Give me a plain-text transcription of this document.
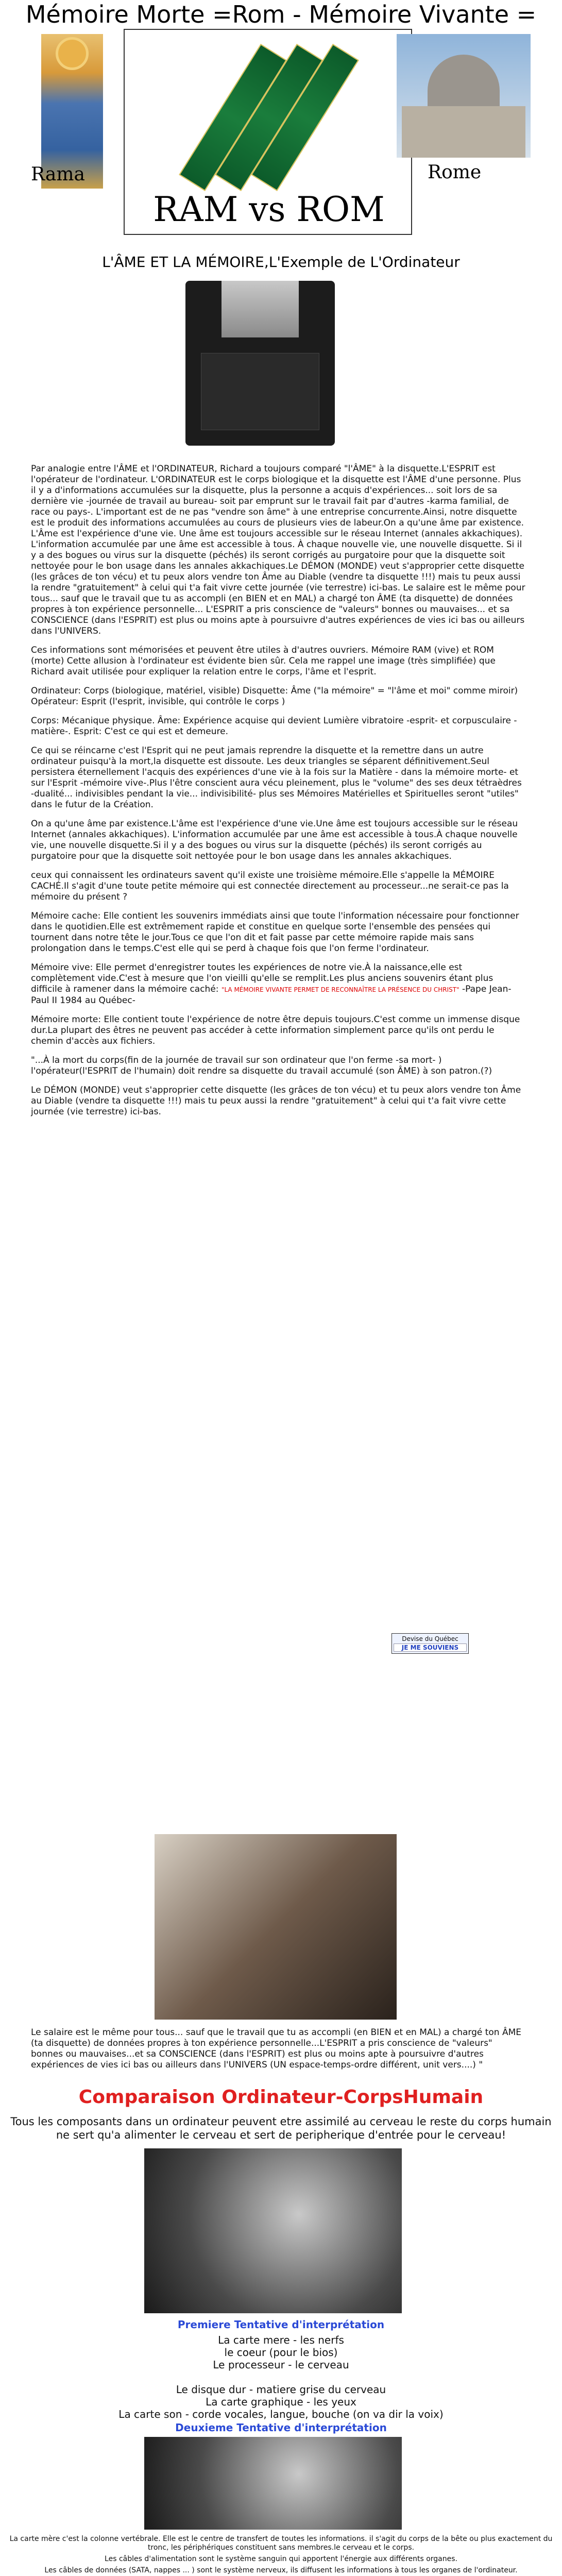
Mémoire Morte =Rom - Mémoire Vivante =
Rama
RAM vs ROM
Rome
L'ÂME ET LA MÉMOIRE,L'Exemple de L'Ordinateur

Par analogie entre l'ÂME et l'ORDINATEUR, Richard a toujours comparé "l'ÂME" à la disquette.L'ESPRIT est l'opérateur de l'ordinateur. L'ORDINATEUR est le corps biologique et la disquette est l'ÂME d'une personne. Plus il y a d'informations accumulées sur la disquette, plus la personne a acquis d'expériences... soit lors de sa dernière vie -journée de travail au bureau- soit par emprunt sur le travail fait par d'autres -karma familial, de race ou pays-. L'important est de ne pas "vendre son âme" à une entreprise concurrente.Ainsi, notre disquette est le produit des informations accumulées au cours de plusieurs vies de labeur.On a qu'une âme par existence. L'Âme est l'expérience d'une vie. Une âme est toujours accessible sur le réseau Internet (annales akkachiques). L'information accumulée par une âme est accessible à tous. À chaque nouvelle vie, une nouvelle disquette. Si il y a des bogues ou virus sur la disquette (péchés) ils seront corrigés au purgatoire pour que la disquette soit nettoyée pour le bon usage dans les annales akkachiques.Le DÉMON (MONDE) veut s'approprier cette disquette (les grâces de ton vécu) et tu peux alors vendre ton Âme au Diable (vendre ta disquette !!!) mais tu peux aussi la rendre "gratuitement" à celui qui t'a fait vivre cette journée (vie terrestre) ici-bas. Le salaire est le même pour tous... sauf que le travail que tu as accompli (en BIEN et en MAL) a chargé ton ÂME (ta disquette) de données propres à ton expérience personnelle... L'ESPRIT a pris conscience de "valeurs" bonnes ou mauvaises... et sa CONSCIENCE (dans l'ESPRIT) est plus ou moins apte à poursuivre d'autres expériences de vies ici bas ou ailleurs dans l'UNIVERS.

Ces informations sont mémorisées et peuvent être utiles à d'autres ouvriers. Mémoire RAM (vive) et ROM (morte) Cette allusion à l'ordinateur est évidente bien sûr. Cela me rappel une image (très simplifiée) que Richard avait utilisée pour expliquer la relation entre le corps, l'âme et l'esprit.

Ordinateur: Corps (biologique, matériel, visible) Disquette: Âme ("la mémoire" = "l'âme et moi" comme miroir) Opérateur: Esprit (l'esprit, invisible, qui contrôle le corps )

Corps: Mécanique physique. Âme: Expérience acquise qui devient Lumière vibratoire -esprit- et corpusculaire -matière-. Esprit: C'est ce qui est et demeure.

Ce qui se réincarne c'est l'Esprit qui ne peut jamais reprendre la disquette et la remettre dans un autre ordinateur puisqu'à la mort,la disquette est dissoute. Les deux triangles se séparent définitivement.Seul persistera éternellement l'acquis des expériences d'une vie à la fois sur la Matière - dans la mémoire morte- et sur l'Esprit -mémoire vive-.Plus l'être conscient aura vécu pleinement, plus le "volume" des ses deux tétraèdres -dualité... indivisibles pendant la vie... indivisibilité- plus ses Mémoires Matérielles et Spirituelles seront "utiles" dans le futur de la Création.

On a qu'une âme par existence.L'âme est l'expérience d'une vie.Une âme est toujours accessible sur le réseau Internet (annales akkachiques). L'information accumulée par une âme est accessible à tous.À chaque nouvelle vie, une nouvelle disquette.Si il y a des bogues ou virus sur la disquette (péchés) ils seront corrigés au purgatoire pour que la disquette soit nettoyée pour le bon usage dans les annales akkachiques.

ceux qui connaissent les ordinateurs savent qu'il existe une troisième mémoire.Elle s'appelle la MÉMOIRE CACHÉ.Il s'agit d'une toute petite mémoire qui est connectée directement au processeur...ne serait-ce pas la mémoire du présent ?

Mémoire cache: Elle contient les souvenirs immédiats ainsi que toute l'information nécessaire pour fonctionner dans le quotidien.Elle est extrêmement rapide et constitue en quelque sorte l'ensemble des pensées qui tournent dans notre tête le jour.Tous ce que l'on dit et fait passe par cette mémoire rapide mais sans prolongation dans le temps.C'est elle qui se perd à chaque fois que l'on ferme l'ordinateur.

Mémoire vive: Elle permet d'enregistrer toutes les expériences de notre vie.À la naissance,elle est complètement vide.C'est à mesure que l'on vieilli qu'elle se remplit.Les plus anciens souvenirs étant plus difficile à ramener dans la mémoire caché: "LA MÉMOIRE VIVANTE PERMET DE RECONNAÎTRE LA PRÉSENCE DU CHRIST" -Pape Jean-Paul II 1984 au Québec-

Mémoire morte: Elle contient toute l'expérience de notre être depuis toujours.C'est comme un immense disque dur.La plupart des êtres ne peuvent pas accéder à cette information simplement parce qu'ils ont perdu le chemin d'accès aux fichiers.

"...À la mort du corps(fin de la journée de travail sur son ordinateur que l'on ferme -sa mort- ) l'opérateur(l'ESPRIT de l'humain) doit rendre sa disquette du travail accumulé (son ÂME) à son patron.(?)

Le DÉMON (MONDE) veut s'approprier cette disquette (les grâces de ton vécu) et tu peux alors vendre ton Âme au Diable (vendre ta disquette !!!) mais tu peux aussi la rendre "gratuitement" à celui qui t'a fait vivre cette journée (vie terrestre) ici-bas.

Devise du Québec
JE ME SOUVIENS

Le salaire est le même pour tous... sauf que le travail que tu as accompli (en BIEN et en MAL) a chargé ton ÂME (ta disquette) de données propres à ton expérience personnelle...L'ESPRIT a pris conscience de "valeurs" bonnes ou mauvaises...et sa CONSCIENCE (dans l'ESPRIT) est plus ou moins apte à poursuivre d'autres expériences de vies ici bas ou ailleurs dans l'UNIVERS (UN espace-temps-ordre différent, unit vers....) "

Comparaison Ordinateur-CorpsHumain
Tous les composants dans un ordinateur peuvent etre assimilé au cerveau le reste du corps humain ne sert qu'a alimenter le cerveau et sert de peripherique d'entrée pour le cerveau!
Premiere Tentative d'interprétation
La carte mere - les nerfs
le coeur (pour le bios)
Le processeur - le cerveau

Le disque dur - matiere grise du cerveau
La carte graphique - les yeux
La carte son - corde vocales, langue, bouche (on va dir la voix)
Deuxieme Tentative d'interprétation

La carte mère c'est la colonne vertébrale. Elle est le centre de transfert de toutes les informations. il s'agit du corps de la bête ou plus exactement du tronc, les périphériques constituent sans membres.le cerveau et le corps.

Les câbles d'alimentation sont le système sanguin qui apportent l'énergie aux différents organes.

Les câbles de données (SATA, nappes ... ) sont le système nerveux, ils diffusent les informations à tous les organes de l'ordinateur.
